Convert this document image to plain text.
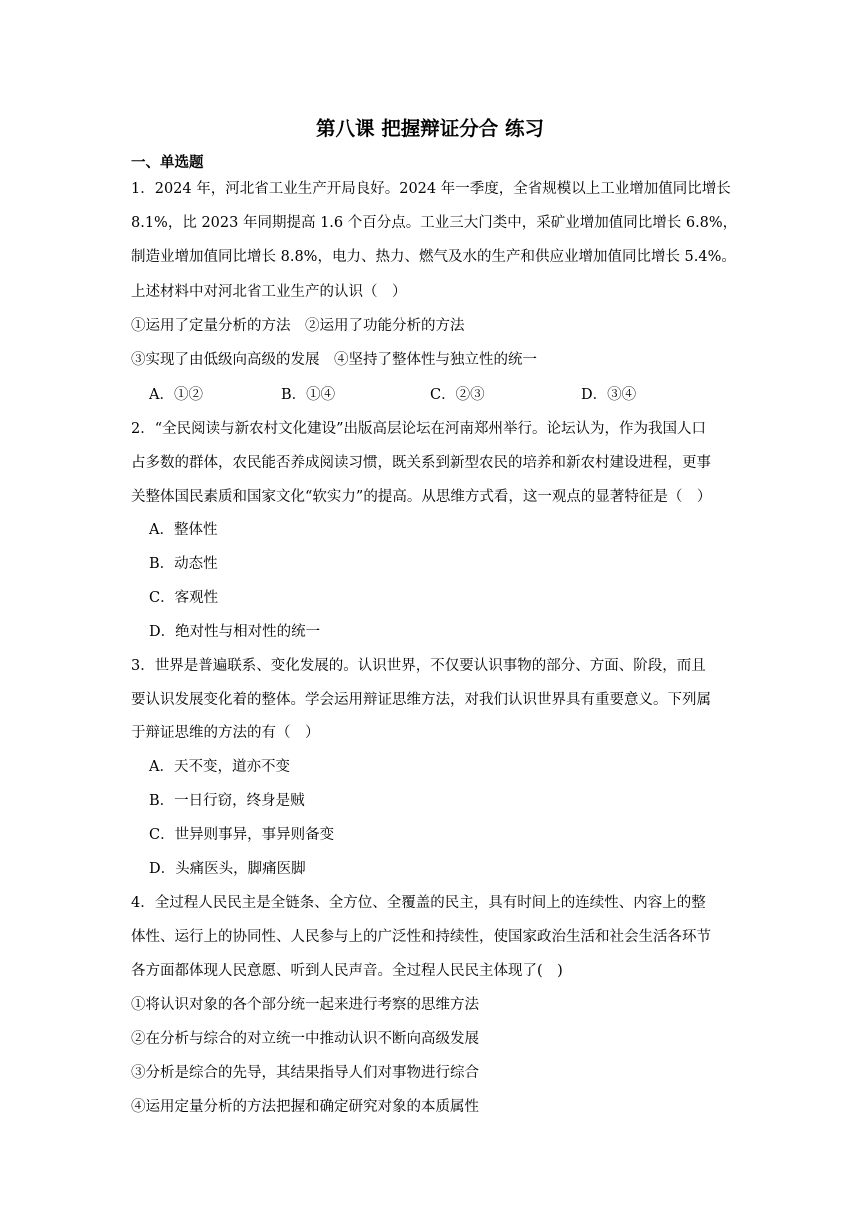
第八课 把握辩证分合 练习
一、单选题
1．2024 年，河北省工业生产开局良好。2024 年一季度，全省规模以上工业增加值同比增长
8.1%，比 2023 年同期提高 1.6 个百分点。工业三大门类中，采矿业增加值同比增长 6.8%，
制造业增加值同比增长 8.8%，电力、热力、燃气及水的生产和供应业增加值同比增长 5.4%。
上述材料中对河北省工业生产的认识（　）
①运用了定量分析的方法　②运用了功能分析的方法
③实现了由低级向高级的发展　④坚持了整体性与独立性的统一
A．①②	B．①④	C．②③	D．③④
2．“全民阅读与新农村文化建设”出版高层论坛在河南郑州举行。论坛认为，作为我国人口
占多数的群体，农民能否养成阅读习惯，既关系到新型农民的培养和新农村建设进程，更事
关整体国民素质和国家文化“软实力”的提高。从思维方式看，这一观点的显著特征是（　）
A．整体性
B．动态性
C．客观性
D．绝对性与相对性的统一
3．世界是普遍联系、变化发展的。认识世界，不仅要认识事物的部分、方面、阶段，而且
要认识发展变化着的整体。学会运用辩证思维方法，对我们认识世界具有重要意义。下列属
于辩证思维的方法的有（　）
A．天不变，道亦不变
B．一日行窃，终身是贼
C．世异则事异，事异则备变
D．头痛医头，脚痛医脚
4．全过程人民民主是全链条、全方位、全覆盖的民主，具有时间上的连续性、内容上的整
体性、运行上的协同性、人民参与上的广泛性和持续性，使国家政治生活和社会生活各环节
各方面都体现人民意愿、听到人民声音。全过程人民民主体现了(　)
①将认识对象的各个部分统一起来进行考察的思维方法
②在分析与综合的对立统一中推动认识不断向高级发展
③分析是综合的先导，其结果指导人们对事物进行综合
④运用定量分析的方法把握和确定研究对象的本质属性
